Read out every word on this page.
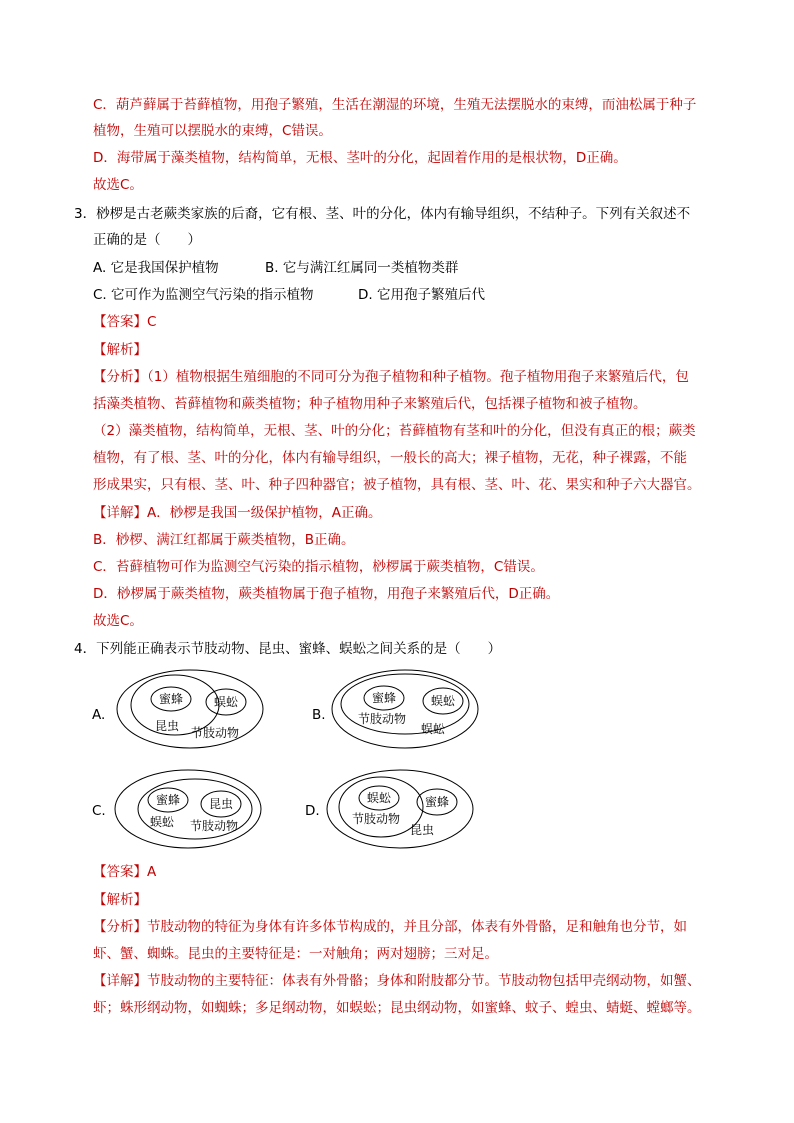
C．葫芦藓属于苔藓植物，用孢子繁殖，生活在潮湿的环境，生殖无法摆脱水的束缚，而油松属于种子
植物，生殖可以摆脱水的束缚，C错误。
D．海带属于藻类植物，结构简单，无根、茎叶的分化，起固着作用的是根状物，D正确。
故选C。
3．桫椤是古老蕨类家族的后裔，它有根、茎、叶的分化，体内有输导组织，不结种子。下列有关叙述不
正确的是（　　）
A. 它是我国保护植物	B. 它与满江红属同一类植物类群
C. 它可作为监测空气污染的指示植物	D. 它用孢子繁殖后代
【答案】C
【解析】
【分析】（1）植物根据生殖细胞的不同可分为孢子植物和种子植物。孢子植物用孢子来繁殖后代，包
括藻类植物、苔藓植物和蕨类植物；种子植物用种子来繁殖后代，包括裸子植物和被子植物。
（2）藻类植物，结构简单，无根、茎、叶的分化；苔藓植物有茎和叶的分化，但没有真正的根；蕨类
植物，有了根、茎、叶的分化，体内有输导组织，一般长的高大；裸子植物，无花，种子裸露，不能
形成果实，只有根、茎、叶、种子四种器官；被子植物，具有根、茎、叶、花、果实和种子六大器官。
【详解】A．桫椤是我国一级保护植物，A正确。
B．桫椤、满江红都属于蕨类植物，B正确。
C．苔藓植物可作为监测空气污染的指示植物，桫椤属于蕨类植物，C错误。
D．桫椤属于蕨类植物，蕨类植物属于孢子植物，用孢子来繁殖后代，D正确。
故选C。
4．下列能正确表示节肢动物、昆虫、蜜蜂、蜈蚣之间关系的是（　　）
A.
蜜蜂	蜈蚣
昆虫 节肢动物
B.
蜜蜂	蜈蚣
节肢动物
蜈蚣
C.
蜜蜂 昆虫
蜈蚣 节肢动物
D.
蜈蚣	蜜蜂
节肢动物
昆虫
【答案】A
【解析】
【分析】节肢动物的特征为身体有许多体节构成的，并且分部，体表有外骨骼，足和触角也分节，如
虾、蟹、蜘蛛。昆虫的主要特征是：一对触角；两对翅膀；三对足。
【详解】节肢动物的主要特征：体表有外骨骼；身体和附肢都分节。节肢动物包括甲壳纲动物，如蟹、
虾；蛛形纲动物，如蜘蛛；多足纲动物，如蜈蚣；昆虫纲动物，如蜜蜂、蚊子、蝗虫、蜻蜓、螳螂等。
